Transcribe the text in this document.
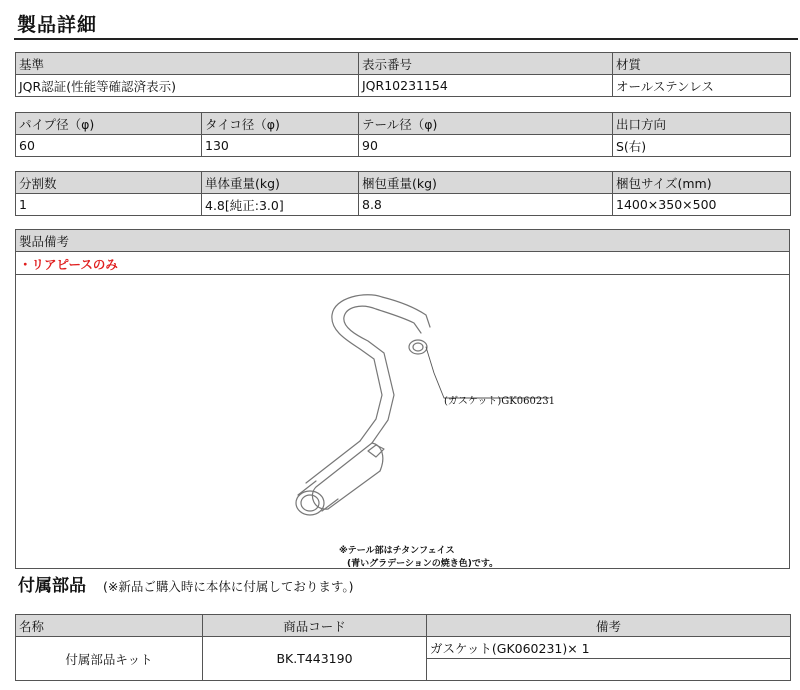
製品詳細
基準	表示番号	材質
JQR認証(性能等確認済表示)	JQR10231154	オールステンレス
パイプ径（φ)	タイコ径（φ)	テール径（φ)	出口方向
60	130	90	S(右)
分割数	単体重量(kg)	梱包重量(kg)	梱包サイズ(mm)
1	4.8[純正:3.0]	8.8	1400×350×500
製品備考
・リアピースのみ
(ガスケット)GK060231
※テール部はチタンフェイス
(青いグラデーションの焼き色)です。
付属部品 (※新品ご購入時に本体に付属しております。)
名称	商品コード	備考
付属部品キット	BK.T443190	ガスケット(GK060231)× 1
